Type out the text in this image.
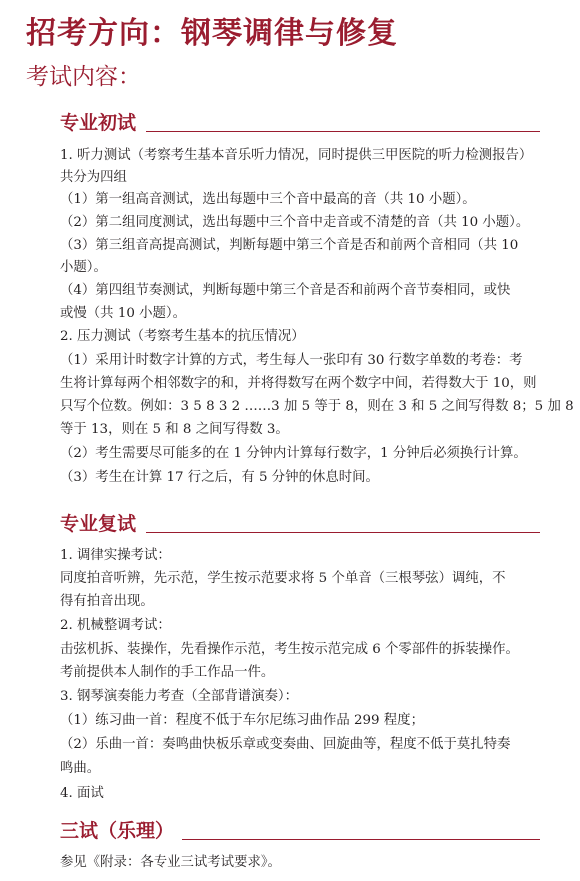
招考方向：钢琴调律与修复
考试内容：
专业初试
1. 听力测试（考察考生基本音乐听力情况，同时提供三甲医院的听力检测报告）
共分为四组
（1）第一组高音测试，选出每题中三个音中最高的音（共 10 小题）。
（2）第二组同度测试，选出每题中三个音中走音或不清楚的音（共 10 小题）。
（3）第三组音高提高测试，判断每题中第三个音是否和前两个音相同（共 10
小题）。
（4）第四组节奏测试，判断每题中第三个音是否和前两个音节奏相同，或快
或慢（共 10 小题）。
2. 压力测试（考察考生基本的抗压情况）
（1）采用计时数字计算的方式，考生每人一张印有 30 行数字单数的考卷：考
生将计算每两个相邻数字的和，并将得数写在两个数字中间，若得数大于 10，则
只写个位数。例如：3 5 8 3 2 ……3 加 5 等于 8，则在 3 和 5 之间写得数 8；5 加 8
等于 13，则在 5 和 8 之间写得数 3。
（2）考生需要尽可能多的在 1 分钟内计算每行数字，1 分钟后必须换行计算。
（3）考生在计算 17 行之后，有 5 分钟的休息时间。
专业复试
1. 调律实操考试：
同度拍音听辨，先示范，学生按示范要求将 5 个单音（三根琴弦）调纯，不
得有拍音出现。
2. 机械整调考试：
击弦机拆、装操作，先看操作示范，考生按示范完成 6 个零部件的拆装操作。
考前提供本人制作的手工作品一件。
3. 钢琴演奏能力考查（全部背谱演奏）：
（1）练习曲一首：程度不低于车尔尼练习曲作品 299 程度；
（2）乐曲一首：奏鸣曲快板乐章或变奏曲、回旋曲等，程度不低于莫扎特奏
鸣曲。
4. 面试
三试（乐理）
参见《附录：各专业三试考试要求》。
